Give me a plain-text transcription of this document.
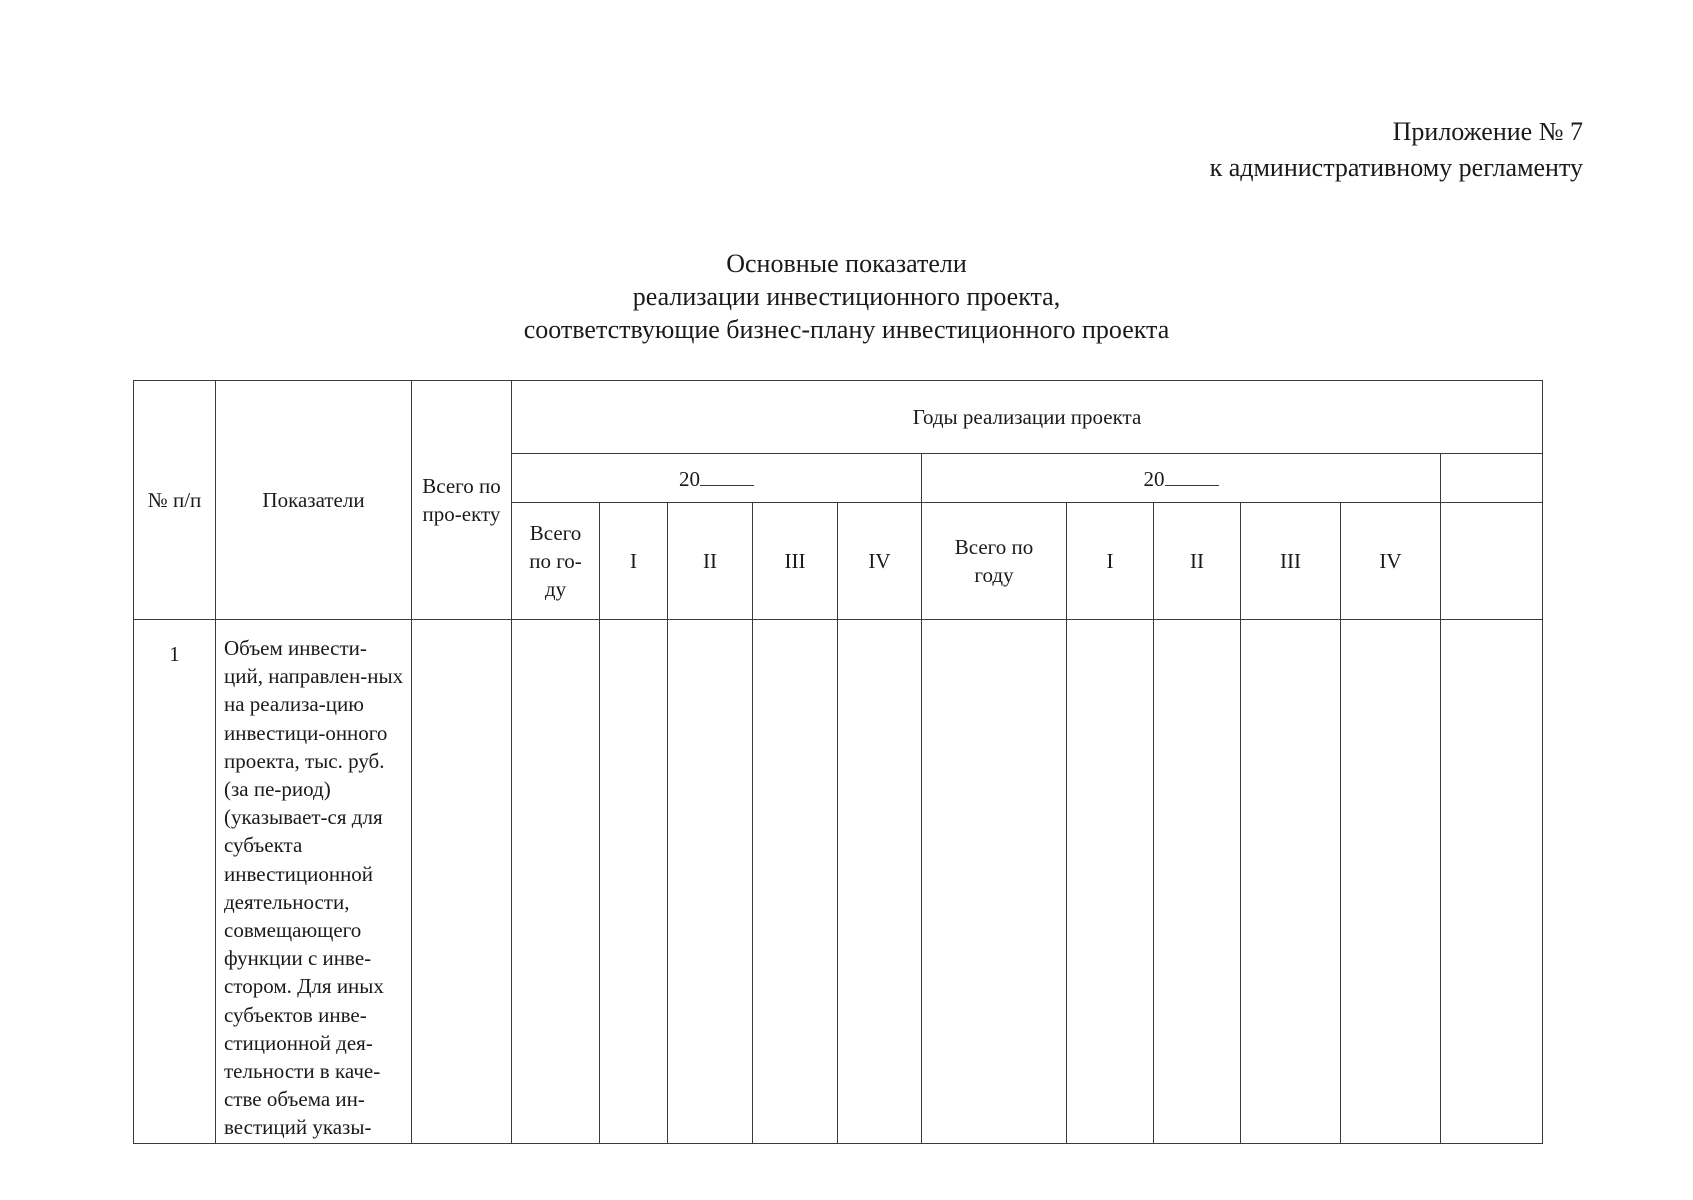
Приложение № 7
к административному регламенту
Основные показатели
реализации инвестиционного проекта,
соответствующие бизнес-плану инвестиционного проекта
№ п/п	Показатели	Всего по про-екту	Годы реализации проекта										
			20					20					

			Всего по го-ду	I	II	III	IV	Всего по году	I	II	III	IV	
1	Объем инвести-ций, направлен-ных на реализа-цию инвестици-онного проекта, тыс. руб. (за пе-риод) (указывает-ся для субъекта инвестиционной деятельности, совмещающего функции с инве-стором. Для иных субъектов инве-стиционной дея-тельности в каче-стве объема ин-вестиций указы-												
